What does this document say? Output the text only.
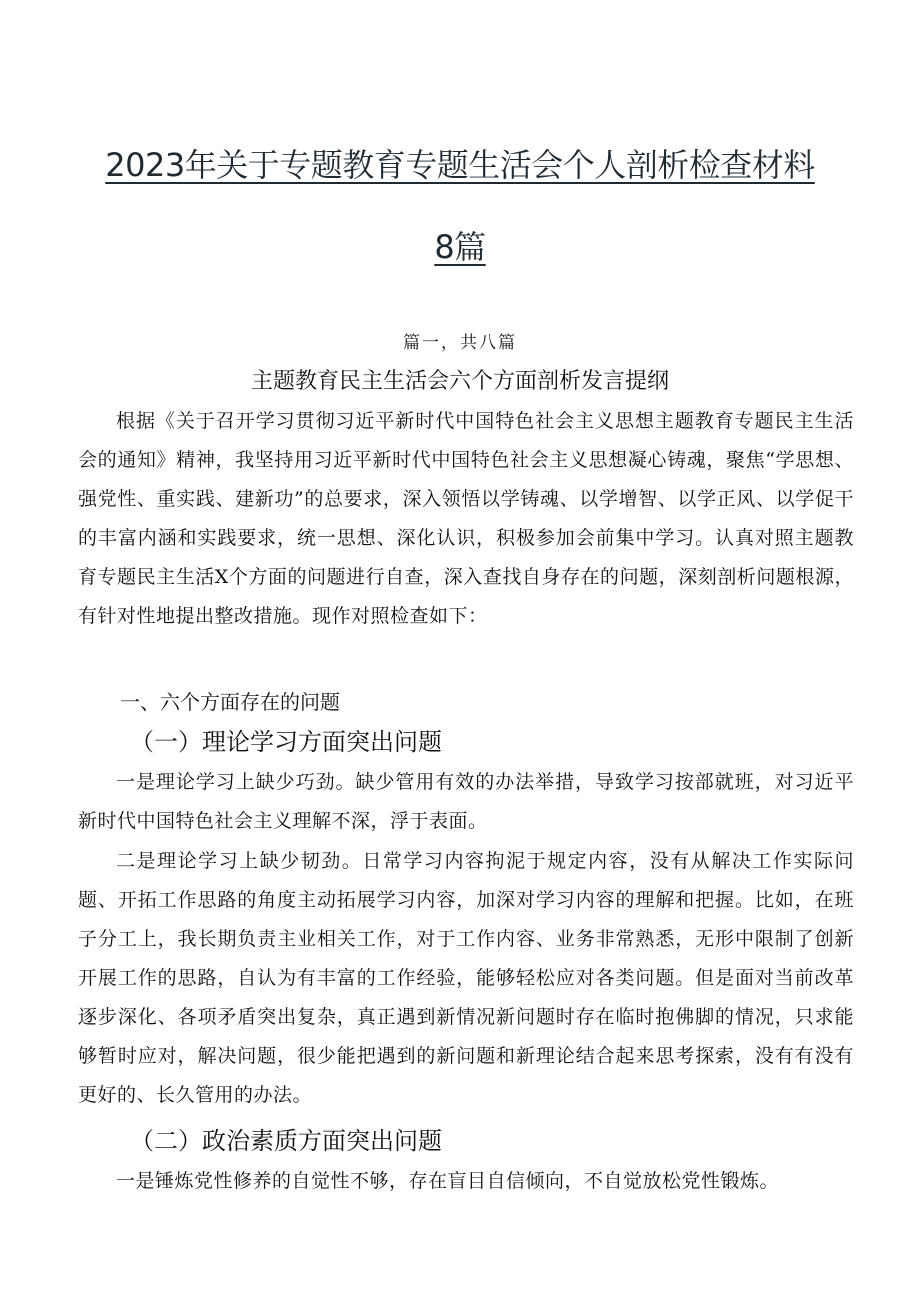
2023年关于专题教育专题生活会个人剖析检查材料
8篇
篇一，共八篇
主题教育民主生活会六个方面剖析发言提纲

根据《关于召开学习贯彻习近平新时代中国特色社会主义思想主题教育专题民主生活会的通知》精神，我坚持用习近平新时代中国特色社会主义思想凝心铸魂，聚焦“学思想、强党性、重实践、建新功”的总要求，深入领悟以学铸魂、以学增智、以学正风、以学促干的丰富内涵和实践要求，统一思想、深化认识，积极参加会前集中学习。认真对照主题教育专题民主生活X个方面的问题进行自查，深入查找自身存在的问题，深刻剖析问题根源，有针对性地提出整改措施。现作对照检查如下：

一、六个方面存在的问题
（一）理论学习方面突出问题

一是理论学习上缺少巧劲。缺少管用有效的办法举措，导致学习按部就班，对习近平新时代中国特色社会主义理解不深，浮于表面。

二是理论学习上缺少韧劲。日常学习内容拘泥于规定内容，没有从解决工作实际问题、开拓工作思路的角度主动拓展学习内容，加深对学习内容的理解和把握。比如，在班子分工上，我长期负责主业相关工作，对于工作内容、业务非常熟悉，无形中限制了创新开展工作的思路，自认为有丰富的工作经验，能够轻松应对各类问题。但是面对当前改革逐步深化、各项矛盾突出复杂，真正遇到新情况新问题时存在临时抱佛脚的情况，只求能够暂时应对，解决问题，很少能把遇到的新问题和新理论结合起来思考探索，没有有没有更好的、长久管用的办法。

（二）政治素质方面突出问题

一是锤炼党性修养的自觉性不够，存在盲目自信倾向，不自觉放松党性锻炼。
